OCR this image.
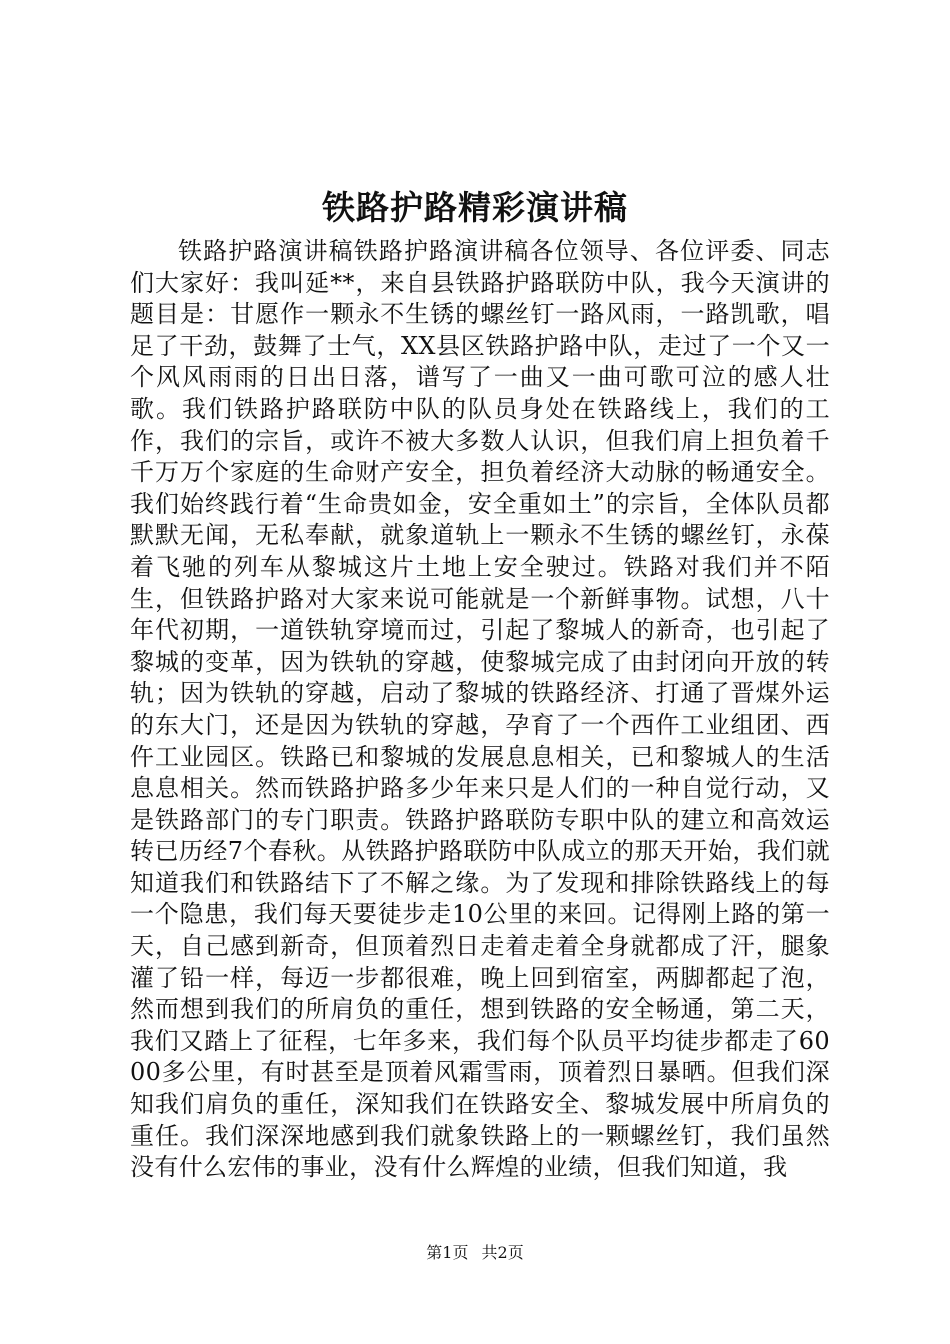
铁路护路精彩演讲稿

铁路护路演讲稿铁路护路演讲稿各位领导、各位评委、同志们大家好：我叫延**，来自县铁路护路联防中队，我今天演讲的题目是：甘愿作一颗永不生锈的螺丝钉一路风雨，一路凯歌，唱足了干劲，鼓舞了士气，XX县区铁路护路中队，走过了一个又一个风风雨雨的日出日落，谱写了一曲又一曲可歌可泣的感人壮歌。我们铁路护路联防中队的队员身处在铁路线上，我们的工作，我们的宗旨，或许不被大多数人认识，但我们肩上担负着千千万万个家庭的生命财产安全，担负着经济大动脉的畅通安全。我们始终践行着“生命贵如金，安全重如土”的宗旨，全体队员都默默无闻，无私奉献，就象道轨上一颗永不生锈的螺丝钉，永葆着飞驰的列车从黎城这片土地上安全驶过。铁路对我们并不陌生，但铁路护路对大家来说可能就是一个新鲜事物。试想，八十年代初期，一道铁轨穿境而过，引起了黎城人的新奇，也引起了黎城的变革，因为铁轨的穿越，使黎城完成了由封闭向开放的转轨；因为铁轨的穿越，启动了黎城的铁路经济、打通了晋煤外运的东大门，还是因为铁轨的穿越，孕育了一个西仵工业组团、西仵工业园区。铁路已和黎城的发展息息相关，已和黎城人的生活息息相关。然而铁路护路多少年来只是人们的一种自觉行动，又是铁路部门的专门职责。铁路护路联防专职中队的建立和高效运转已历经7个春秋。从铁路护路联防中队成立的那天开始，我们就知道我们和铁路结下了不解之缘。为了发现和排除铁路线上的每一个隐患，我们每天要徒步走10公里的来回。记得刚上路的第一天，自己感到新奇，但顶着烈日走着走着全身就都成了汗，腿象灌了铅一样，每迈一步都很难，晚上回到宿室，两脚都起了泡，然而想到我们的所肩负的重任，想到铁路的安全畅通，第二天，我们又踏上了征程，七年多来，我们每个队员平均徒步都走了6000多公里，有时甚至是顶着风霜雪雨，顶着烈日暴晒。但我们深知我们肩负的重任，深知我们在铁路安全、黎城发展中所肩负的重任。我们深深地感到我们就象铁路上的一颗螺丝钉，我们虽然没有什么宏伟的事业，没有什么辉煌的业绩，但我们知道，我

第1页 共2页
